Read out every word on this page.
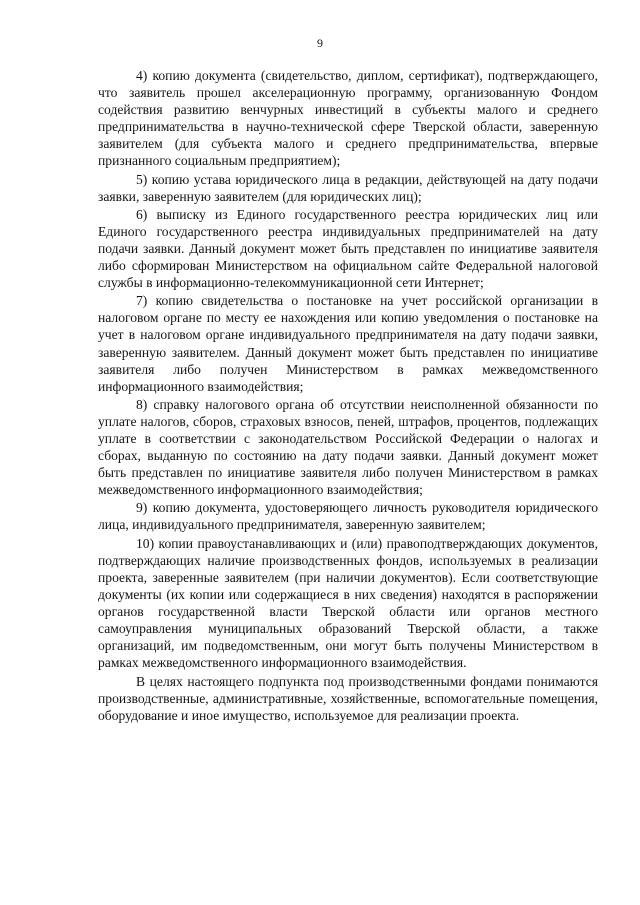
9

4) копию документа (свидетельство, диплом, сертификат), подтверждающего, что заявитель прошел акселерационную программу, организованную Фондом содействия развитию венчурных инвестиций в субъекты малого и среднего предпринимательства в научно-технической сфере Тверской области, заверенную заявителем (для субъекта малого и среднего предпринимательства, впервые признанного социальным предприятием);

5) копию устава юридического лица в редакции, действующей на дату подачи заявки, заверенную заявителем (для юридических лиц);

6) выписку из Единого государственного реестра юридических лиц или Единого государственного реестра индивидуальных предпринимателей на дату подачи заявки. Данный документ может быть представлен по инициативе заявителя либо сформирован Министерством на официальном сайте Федеральной налоговой службы в информационно-телекоммуникационной сети Интернет;

7) копию свидетельства о постановке на учет российской организации в налоговом органе по месту ее нахождения или копию уведомления о постановке на учет в налоговом органе индивидуального предпринимателя на дату подачи заявки, заверенную заявителем. Данный документ может быть представлен по инициативе заявителя либо получен Министерством в рамках межведомственного информационного взаимодействия;

8) справку налогового органа об отсутствии неисполненной обязанности по уплате налогов, сборов, страховых взносов, пеней, штрафов, процентов, подлежащих уплате в соответствии с законодательством Российской Федерации о налогах и сборах, выданную по состоянию на дату подачи заявки. Данный документ может быть представлен по инициативе заявителя либо получен Министерством в рамках межведомственного информационного взаимодействия;

9) копию документа, удостоверяющего личность руководителя юридического лица, индивидуального предпринимателя, заверенную заявителем;

10) копии правоустанавливающих и (или) правоподтверждающих документов, подтверждающих наличие производственных фондов, используемых в реализации проекта, заверенные заявителем (при наличии документов). Если соответствующие документы (их копии или содержащиеся в них сведения) находятся в распоряжении органов государственной власти Тверской области или органов местного самоуправления муниципальных образований Тверской области, а также организаций, им подведомственным, они могут быть получены Министерством в рамках межведомственного информационного взаимодействия.

В целях настоящего подпункта под производственными фондами понимаются производственные, административные, хозяйственные, вспомогательные помещения, оборудование и иное имущество, используемое для реализации проекта.
